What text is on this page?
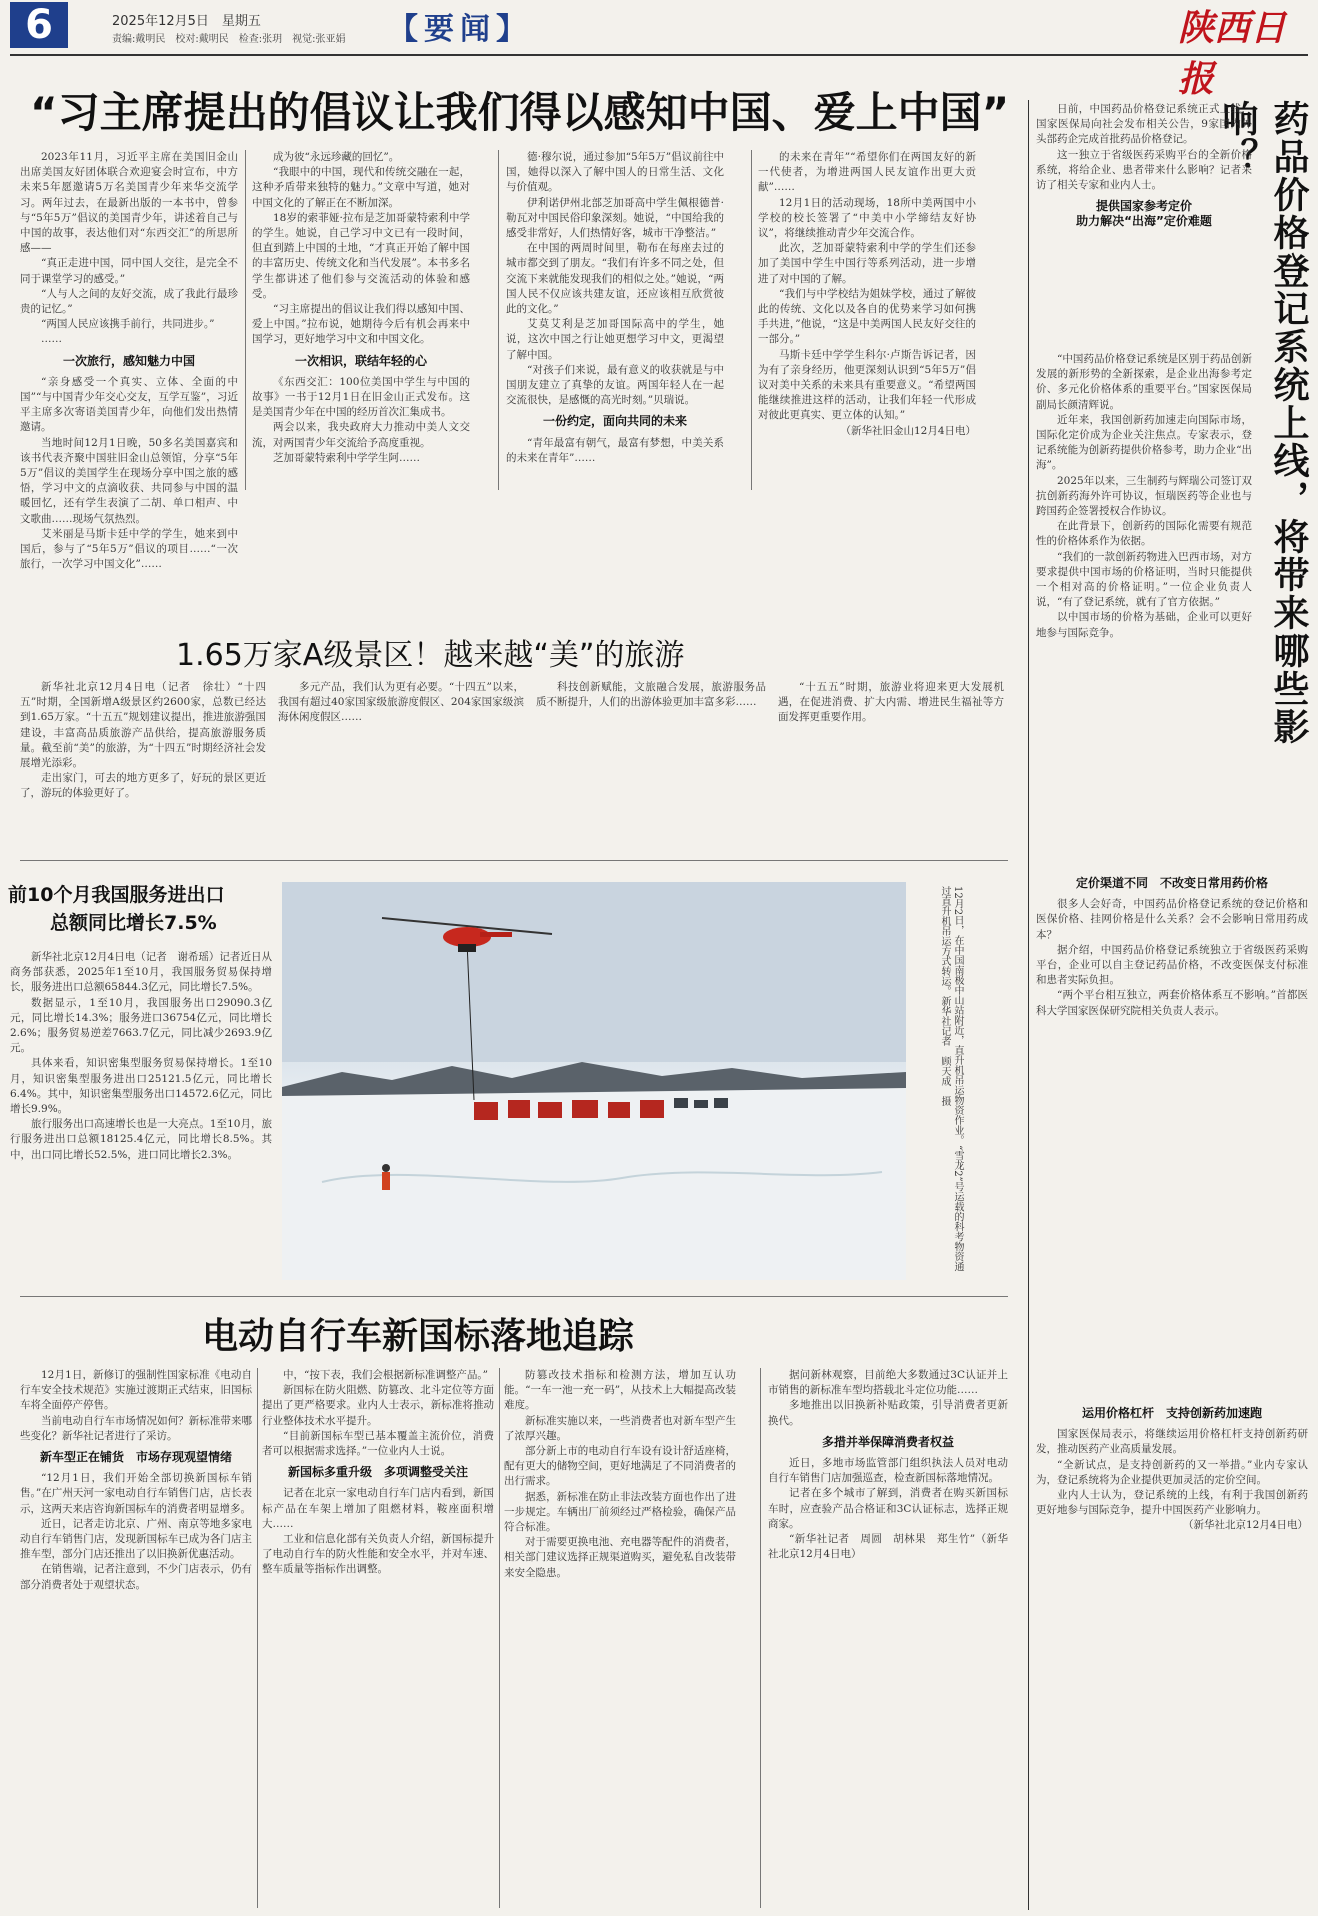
6	2025年12月5日　星期五
责编:戴明民　校对:戴明民　检查:张玥　视觉:张亚娟 【要闻】	陕西日报
“习主席提出的倡议让我们得以感知中国、爱上中国”

2023年11月，习近平主席在美国旧金山出席美国友好团体联合欢迎宴会时宣布，中方未来5年愿邀请5万名美国青少年来华交流学习。两年过去，在最新出版的一本书中，曾参与“5年5万”倡议的美国青少年，讲述着自己与中国的故事，表达他们对“东西交汇”的所思所感——

“真正走进中国，同中国人交往，是完全不同于课堂学习的感受。”

“人与人之间的友好交流，成了我此行最珍贵的记忆。”

“两国人民应该携手前行，共同进步。”

……

一次旅行，感知魅力中国

“亲身感受一个真实、立体、全面的中国”“与中国青少年交心交友，互学互鉴”，习近平主席多次寄语美国青少年，向他们发出热情邀请。

当地时间12月1日晚，50多名美国嘉宾和该书代表齐聚中国驻旧金山总领馆，分享“5年5万”倡议的美国学生在现场分享中国之旅的感悟，学习中文的点滴收获、共同参与中国的温暖回忆，还有学生表演了二胡、单口相声、中文歌曲……现场气氛热烈。

艾米丽是马斯卡廷中学的学生，她来到中国后，参与了“5年5万”倡议的项目……“一次旅行，一次学习中国文化”……

成为彼“永远珍藏的回忆”。

“我眼中的中国，现代和传统交融在一起，这种矛盾带来独特的魅力。”文章中写道，她对中国文化的了解正在不断加深。

18岁的索菲娅·拉布是芝加哥蒙特索利中学的学生。她说，自己学习中文已有一段时间，但直到踏上中国的土地，“才真正开始了解中国的丰富历史、传统文化和当代发展”。本书多名学生都讲述了他们参与交流活动的体验和感受。

“习主席提出的倡议让我们得以感知中国、爱上中国。”拉布说，她期待今后有机会再来中国学习，更好地学习中文和中国文化。

一次相识，联结年轻的心

《东西交汇：100位美国中学生与中国的故事》一书于12月1日在旧金山正式发布。这是美国青少年在中国的经历首次汇集成书。

两会以来，我央政府大力推动中美人文交流，对两国青少年交流给予高度重视。

芝加哥蒙特索利中学学生阿……

德·穆尔说，通过参加“5年5万”倡议前往中国，她得以深入了解中国人的日常生活、文化与价值观。

伊利诺伊州北部芝加哥高中学生佩根德普·勒瓦对中国民俗印象深刻。她说，“中国给我的感受非常好，人们热情好客，城市干净整洁。”

在中国的两周时间里，勒布在每座去过的城市都交到了朋友。“我们有许多不同之处，但交流下来就能发现我们的相似之处。”她说，“两国人民不仅应该共建友谊，还应该相互欣赏彼此的文化。”

艾莫艾利是芝加哥国际高中的学生，她说，这次中国之行让她更想学习中文，更渴望了解中国。

“对孩子们来说，最有意义的收获就是与中国朋友建立了真挚的友谊。两国年轻人在一起交流很快，是感慨的高光时刻。”贝瑞说。

一份约定，面向共同的未来

“青年最富有朝气，最富有梦想，中美关系的未来在青年”……

的未来在青年”“希望你们在两国友好的新一代使者，为增进两国人民友谊作出更大贡献”……

12月1日的活动现场，18所中美两国中小学校的校长签署了“中美中小学缔结友好协议”，将继续推动青少年交流合作。

此次，芝加哥蒙特索利中学的学生们还参加了美国中学生中国行等系列活动，进一步增进了对中国的了解。

“我们与中学校结为姐妹学校，通过了解彼此的传统、文化以及各自的优势来学习如何携手共进，”他说，“这是中美两国人民友好交往的一部分。”

马斯卡廷中学学生科尔·卢斯告诉记者，因为有了亲身经历，他更深刻认识到“5年5万”倡议对美中关系的未来具有重要意义。“希望两国能继续推进这样的活动，让我们年轻一代形成对彼此更真实、更立体的认知。”

（新华社旧金山12月4日电）

1.65万家A级景区！越来越“美”的旅游

新华社北京12月4日电（记者　徐壮）“十四五”时期，全国新增A级景区约2600家，总数已经达到1.65万家。“十五五”规划建议提出，推进旅游强国建设，丰富高品质旅游产品供给，提高旅游服务质量。截至前“美”的旅游，为“十四五”时期经济社会发展增光添彩。

走出家门，可去的地方更多了，好玩的景区更近了，游玩的体验更好了。

多元产品，我们认为更有必要。“十四五”以来，我国有超过40家国家级旅游度假区、204家国家级滨海休闲度假区……

科技创新赋能，文旅融合发展，旅游服务品质不断提升，人们的出游体验更加丰富多彩……

“十五五”时期，旅游业将迎来更大发展机遇，在促进消费、扩大内需、增进民生福祉等方面发挥更重要作用。

前10个月我国服务进出口
总额同比增长7.5%

新华社北京12月4日电（记者　谢希瑶）记者近日从商务部获悉，2025年1至10月，我国服务贸易保持增长，服务进出口总额65844.3亿元，同比增长7.5%。

数据显示，1至10月，我国服务出口29090.3亿元，同比增长14.3%；服务进口36754亿元，同比增长2.6%；服务贸易逆差7663.7亿元，同比减少2693.9亿元。

具体来看，知识密集型服务贸易保持增长。1至10月，知识密集型服务进出口25121.5亿元，同比增长6.4%。其中，知识密集型服务出口14572.6亿元，同比增长9.9%。

旅行服务出口高速增长也是一大亮点。1至10月，旅行服务进出口总额18125.4亿元，同比增长8.5%。其中，出口同比增长52.5%，进口同比增长2.3%。	12月2日，在中国南极中山站附近，直升机吊运物资作业。“雪龙2”号运载的科考物资通过直升机吊运方式转运。新华社记者　顾天成　摄
电动自行车新国标落地追踪

12月1日，新修订的强制性国家标准《电动自行车安全技术规范》实施过渡期正式结束，旧国标车将全面停产停售。

当前电动自行车市场情况如何？新标准带来哪些变化？新华社记者进行了采访。

新车型正在铺货　市场存现观望情绪

“12月1日，我们开始全部切换新国标车销售。”在广州天河一家电动自行车销售门店，店长表示，这两天来店咨询新国标车的消费者明显增多。

近日，记者走访北京、广州、南京等地多家电动自行车销售门店，发现新国标车已成为各门店主推车型，部分门店还推出了以旧换新优惠活动。

在销售端，记者注意到，不少门店表示，仍有部分消费者处于观望状态。

中，“按下表，我们会根据新标准调整产品。”

新国标在防火阻燃、防篡改、北斗定位等方面提出了更严格要求。业内人士表示，新标准将推动行业整体技术水平提升。

“目前新国标车型已基本覆盖主流价位，消费者可以根据需求选择。”一位业内人士说。

新国标多重升级　多项调整受关注

记者在北京一家电动自行车门店内看到，新国标产品在车架上增加了阻燃材料，鞍座面积增大……

工业和信息化部有关负责人介绍，新国标提升了电动自行车的防火性能和安全水平，并对车速、整车质量等指标作出调整。

防篡改技术指标和检测方法，增加互认功能。“一车一池一充一码”，从技术上大幅提高改装难度。

新标准实施以来，一些消费者也对新车型产生了浓厚兴趣。

部分新上市的电动自行车设有设计舒适座椅，配有更大的储物空间，更好地满足了不同消费者的出行需求。

据悉，新标准在防止非法改装方面也作出了进一步规定。车辆出厂前须经过严格检验，确保产品符合标准。

对于需要更换电池、充电器等配件的消费者，相关部门建议选择正规渠道购买，避免私自改装带来安全隐患。

据问新林观察，目前绝大多数通过3C认证并上市销售的新标准车型均搭载北斗定位功能……

多地推出以旧换新补贴政策，引导消费者更新换代。

多措并举保障消费者权益

近日，多地市场监管部门组织执法人员对电动自行车销售门店加强巡查，检查新国标落地情况。

记者在多个城市了解到，消费者在购买新国标车时，应查验产品合格证和3C认证标志，选择正规商家。

“新华社记者　周圆　胡林果　郑生竹”（新华社北京12月4日电）

药品价格登记系统上线，将带来哪些影响？

日前，中国药品价格登记系统正式上线，国家医保局向社会发布相关公告，9家国内外头部药企完成首批药品价格登记。

这一独立于省级医药采购平台的全新价格系统，将给企业、患者带来什么影响？记者采访了相关专家和业内人士。

提供国家参考定价
助力解决“出海”定价难题

“中国药品价格登记系统是区别于药品创新发展的新形势的全新探索，是企业出海参考定价、多元化价格体系的重要平台。”国家医保局副局长颜清辉说。

近年来，我国创新药加速走向国际市场，国际化定价成为企业关注焦点。专家表示，登记系统能为创新药提供价格参考，助力企业“出海”。

2025年以来，三生制药与辉瑞公司签订双抗创新药海外许可协议，恒瑞医药等企业也与跨国药企签署授权合作协议。

在此背景下，创新药的国际化需要有规范性的价格体系作为依据。

“我们的一款创新药物进入巴西市场，对方要求提供中国市场的价格证明，当时只能提供一个相对高的价格证明。”一位企业负责人说，“有了登记系统，就有了官方依据。”

以中国市场的价格为基础，企业可以更好地参与国际竞争。

定价渠道不同　不改变日常用药价格

很多人会好奇，中国药品价格登记系统的登记价格和医保价格、挂网价格是什么关系？会不会影响日常用药成本？

据介绍，中国药品价格登记系统独立于省级医药采购平台，企业可以自主登记药品价格，不改变医保支付标准和患者实际负担。

“两个平台相互独立，两套价格体系互不影响。”首都医科大学国家医保研究院相关负责人表示。

运用价格杠杆　支持创新药加速跑

国家医保局表示，将继续运用价格杠杆支持创新药研发，推动医药产业高质量发展。

“全新试点，是支持创新药的又一举措。”业内专家认为，登记系统将为企业提供更加灵活的定价空间。

业内人士认为，登记系统的上线，有利于我国创新药更好地参与国际竞争，提升中国医药产业影响力。

（新华社北京12月4日电）
